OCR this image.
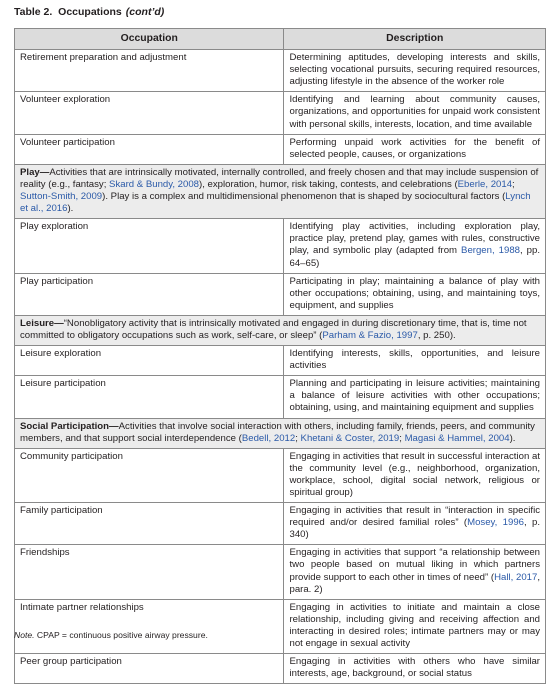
Table 2. Occupations (cont’d)
Occupation	Description
Retirement preparation and adjustment	Determining aptitudes, developing interests and skills, selecting vocational pursuits, securing required resources, adjusting lifestyle in the absence of the worker role
Volunteer exploration	Identifying and learning about community causes, organizations, and opportunities for unpaid work consistent with personal skills, interests, location, and time available
Volunteer participation	Performing unpaid work activities for the benefit of selected people, causes, or organizations
Play—Activities that are intrinsically motivated, internally controlled, and freely chosen and that may include suspension of reality (e.g., fantasy; Skard & Bundy, 2008), exploration, humor, risk taking, contests, and celebrations (Eberle, 2014; Sutton-Smith, 2009). Play is a complex and multidimensional phenomenon that is shaped by sociocultural factors (Lynch et al., 2016).	
Play exploration	Identifying play activities, including exploration play, practice play, pretend play, games with rules, constructive play, and symbolic play (adapted from Bergen, 1988, pp. 64–65)
Play participation	Participating in play; maintaining a balance of play with other occupations; obtaining, using, and maintaining toys, equipment, and supplies
Leisure—“Nonobligatory activity that is intrinsically motivated and engaged in during discretionary time, that is, time not committed to obligatory occupations such as work, self-care, or sleep” (Parham & Fazio, 1997, p. 250).	
Leisure exploration	Identifying interests, skills, opportunities, and leisure activities
Leisure participation	Planning and participating in leisure activities; maintaining a balance of leisure activities with other occupations; obtaining, using, and maintaining equipment and supplies
Social Participation—Activities that involve social interaction with others, including family, friends, peers, and community members, and that support social interdependence (Bedell, 2012; Khetani & Coster, 2019; Magasi & Hammel, 2004).	
Community participation	Engaging in activities that result in successful interaction at the community level (e.g., neighborhood, organization, workplace, school, digital social network, religious or spiritual group)
Family participation	Engaging in activities that result in “interaction in specific required and/or desired familial roles” (Mosey, 1996, p. 340)
Friendships	Engaging in activities that support “a relationship between two people based on mutual liking in which partners provide support to each other in times of need” (Hall, 2017, para. 2)
Intimate partner relationships	Engaging in activities to initiate and maintain a close relationship, including giving and receiving affection and interacting in desired roles; intimate partners may or may not engage in sexual activity
Peer group participation	Engaging in activities with others who have similar interests, age, background, or social status
Note. CPAP = continuous positive airway pressure.
